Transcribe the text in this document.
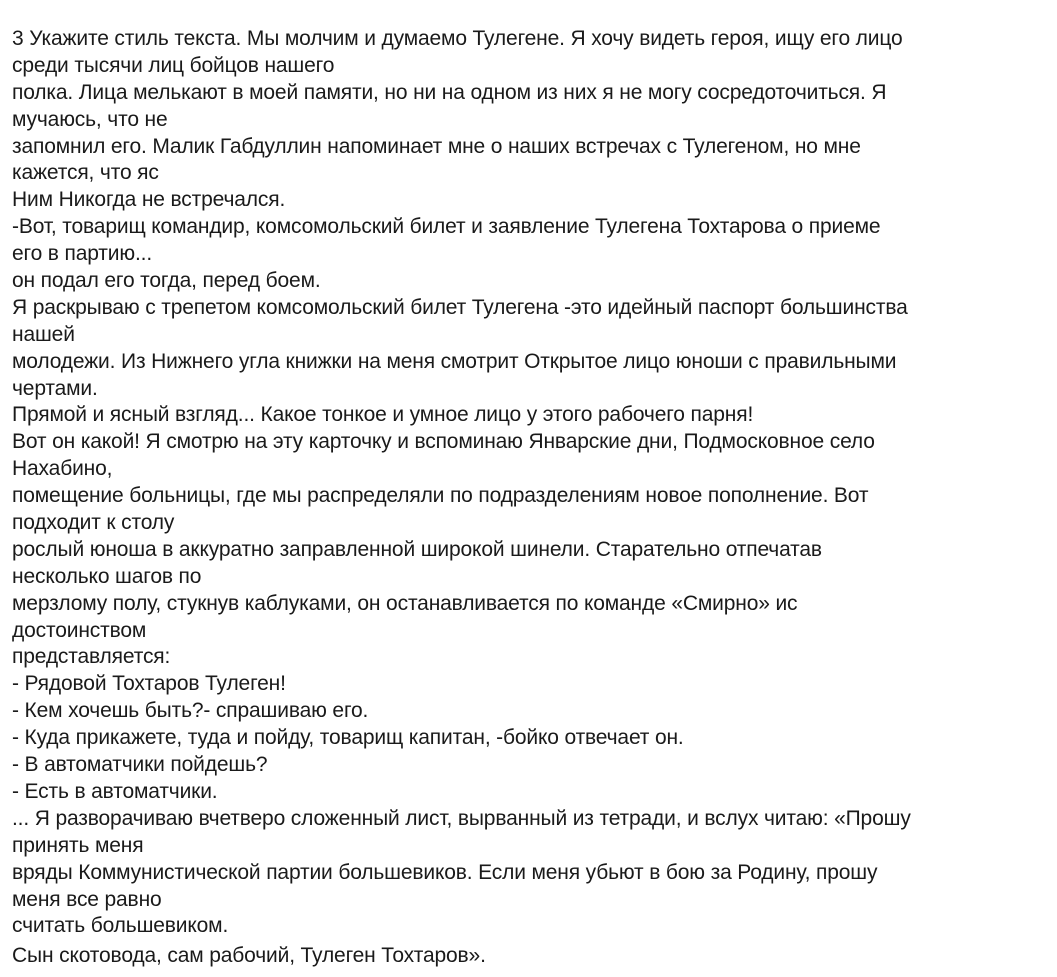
3 Укажите стиль текста. Мы молчим и думаемо Тулегене. Я хочу видеть героя, ищу его лицо
среди тысячи лиц бойцов нашего
полка. Лица мелькают в моей памяти, но ни на одном из них я не могу сосредоточиться. Я
мучаюсь, что не
запомнил его. Малик Габдуллин напоминает мне о наших встречах с Тулегеном, но мне
кажется, что яс
Ним Никогда не встречался.
-Вот, товарищ командир, комсомольский билет и заявление Тулегена Тохтарова о приеме
его в партию...
он подал его тогда, перед боем.
Я раскрываю с трепетом комсомольский билет Тулегена -это идейный паспорт большинства
нашей
молодежи. Из Нижнего угла книжки на меня смотрит Открытое лицо юноши с правильными
чертами.
Прямой и ясный взгляд... Какое тонкое и умное лицо у этого рабочего парня!
Вот он какой! Я смотрю на эту карточку и вспоминаю Январские дни, Подмосковное село
Нахабино,
помещение больницы, где мы распределяли по подразделениям новое пополнение. Вот
подходит к столу
рослый юноша в аккуратно заправленной широкой шинели. Старательно отпечатав
несколько шагов по
мерзлому полу, стукнув каблуками, он останавливается по команде «Смирно» ис
достоинством
представляется:
- Рядовой Тохтаров Тулеген!
- Кем хочешь быть?- спрашиваю его.
- Куда прикажете, туда и пойду, товарищ капитан, -бойко отвечает он.
- В автоматчики пойдешь?
- Есть в автоматчики.
... Я разворачиваю вчетверо сложенный лист, вырванный из тетради, и вслух читаю: «Прошу
принять меня
вряды Коммунистической партии большевиков. Если меня убьют в бою за Родину, прошу
меня все равно
считать большевиком.
Сын скотовода, сам рабочий, Тулеген Тохтаров».
